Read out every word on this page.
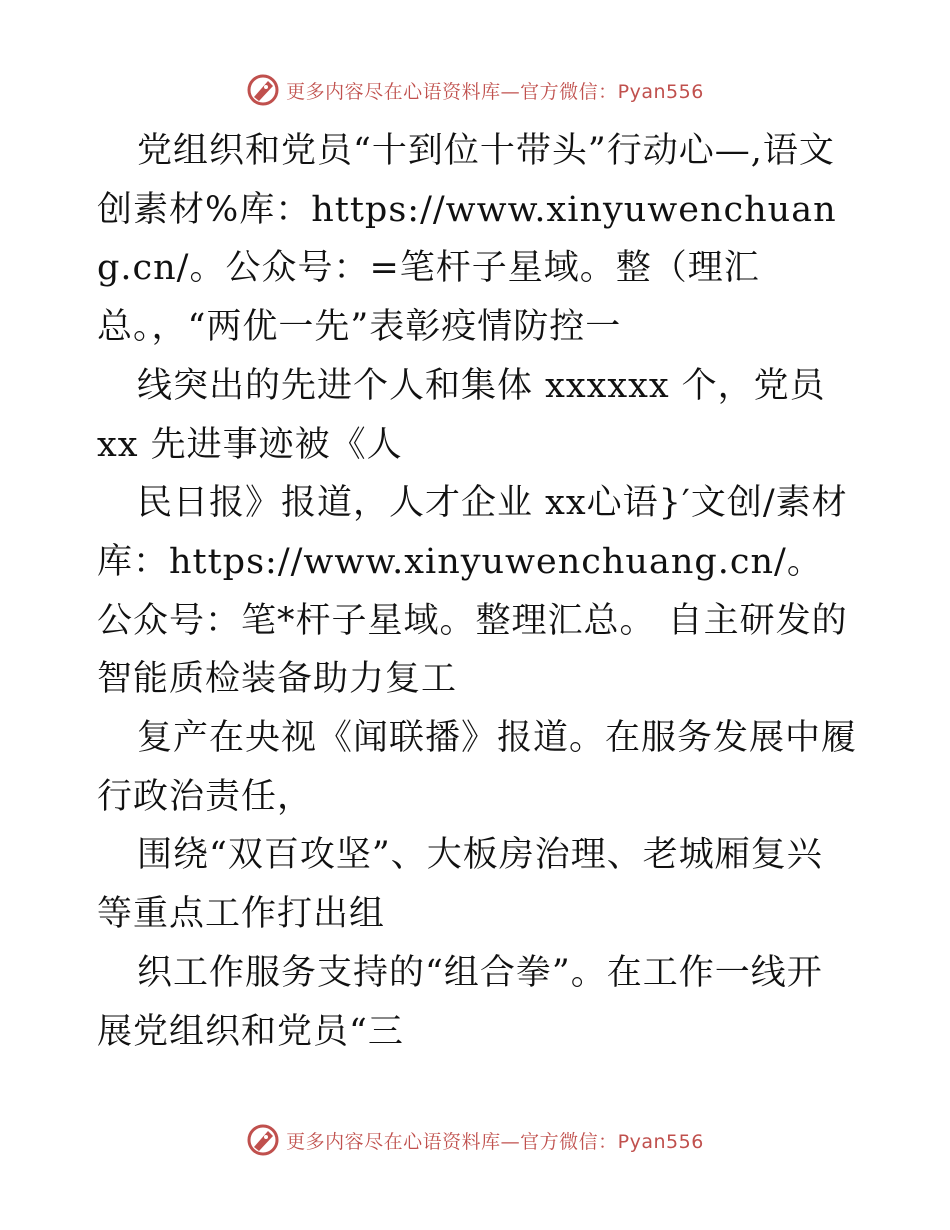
更多内容尽在心语资料库—官方微信：Pyan556

党组织和党员“十到位十带头”行动心—,语文创素材%库：https://www.xinyuwenchuang.cn/。公众号：=笔杆子星域。整（理汇总。，“两优一先”表彰疫情防控一

线突出的先进个人和集体 xxxxxx 个，党员 xx 先进事迹被《人

民日报》报道，人才企业 xx心语}′文创/素材库：https://www.xinyuwenchuang.cn/。公众号：笔*杆子星域。整理汇总。 自主研发的智能质检装备助力复工

复产在央视《闻联播》报道。在服务发展中履行政治责任，

围绕“双百攻坚”、大板房治理、老城厢复兴等重点工作打出组

织工作服务支持的“组合拳”。在工作一线开展党组织和党员“三

更多内容尽在心语资料库—官方微信：Pyan556
